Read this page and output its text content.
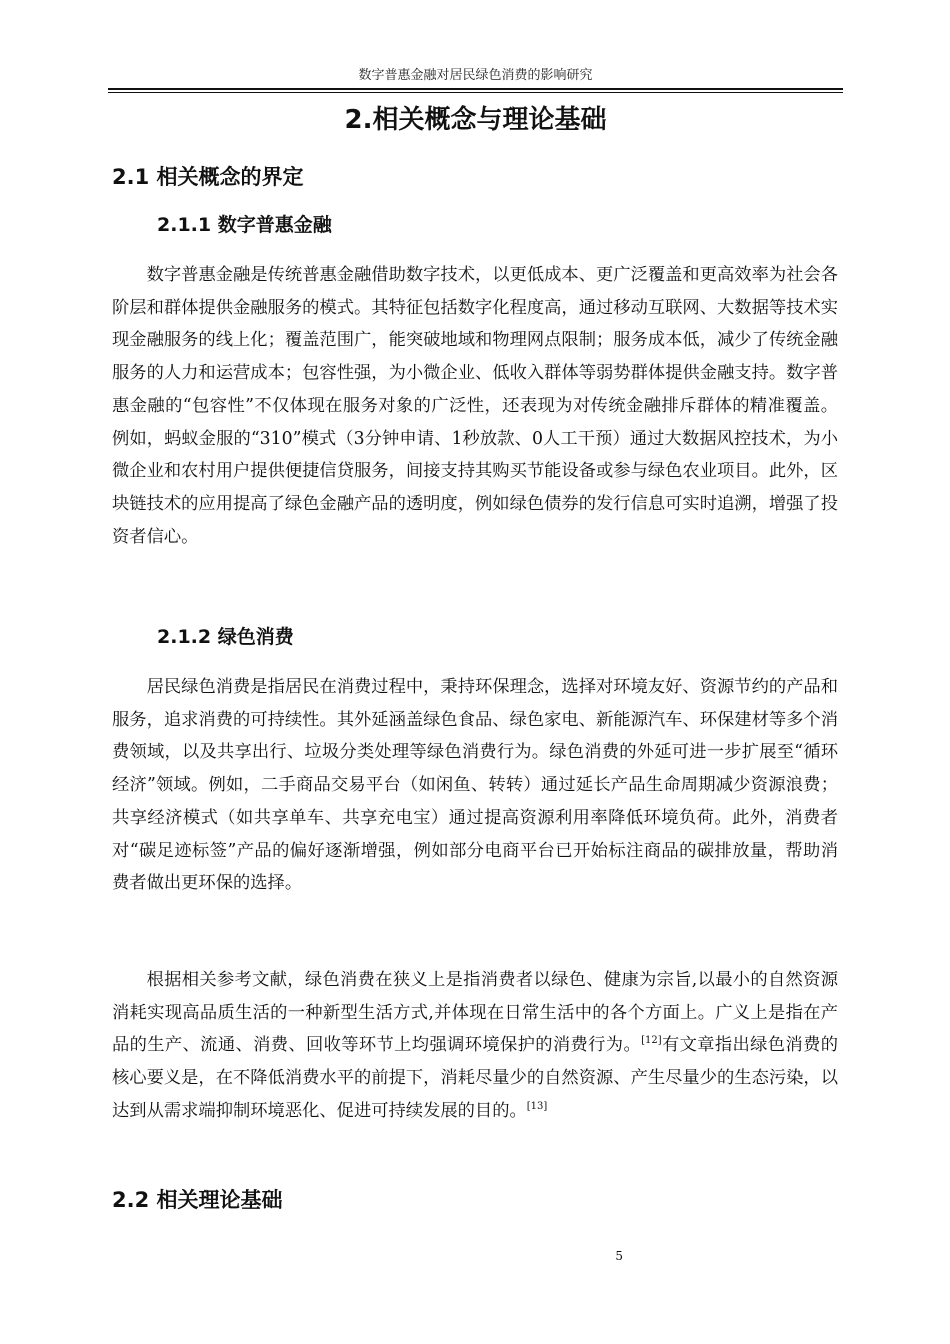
数字普惠金融对居民绿色消费的影响研究
2.相关概念与理论基础
2.1 相关概念的界定
2.1.1 数字普惠金融

数字普惠金融是传统普惠金融借助数字技术，以更低成本、更广泛覆盖和更高效率为社会各阶层和群体提供金融服务的模式。其特征包括数字化程度高，通过移动互联网、大数据等技术实现金融服务的线上化；覆盖范围广，能突破地域和物理网点限制；服务成本低，减少了传统金融服务的人力和运营成本；包容性强，为小微企业、低收入群体等弱势群体提供金融支持。数字普惠金融的“包容性”不仅体现在服务对象的广泛性，还表现为对传统金融排斥群体的精准覆盖。例如，蚂蚁金服的“310”模式（3分钟申请、1秒放款、0人工干预）通过大数据风控技术，为小微企业和农村用户提供便捷信贷服务，间接支持其购买节能设备或参与绿色农业项目。此外，区块链技术的应用提高了绿色金融产品的透明度，例如绿色债券的发行信息可实时追溯，增强了投资者信心。

2.1.2 绿色消费

居民绿色消费是指居民在消费过程中，秉持环保理念，选择对环境友好、资源节约的产品和服务，追求消费的可持续性。其外延涵盖绿色食品、绿色家电、新能源汽车、环保建材等多个消费领域，以及共享出行、垃圾分类处理等绿色消费行为。绿色消费的外延可进一步扩展至“循环经济”领域。例如，二手商品交易平台（如闲鱼、转转）通过延长产品生命周期减少资源浪费；共享经济模式（如共享单车、共享充电宝）通过提高资源利用率降低环境负荷。此外，消费者对“碳足迹标签”产品的偏好逐渐增强，例如部分电商平台已开始标注商品的碳排放量，帮助消费者做出更环保的选择。

根据相关参考文献，绿色消费在狭义上是指消费者以绿色、健康为宗旨,以最小的自然资源消耗实现高品质生活的一种新型生活方式,并体现在日常生活中的各个方面上。广义上是指在产品的生产、流通、消费、回收等环节上均强调环境保护的消费行为。[12]有文章指出绿色消费的核心要义是，在不降低消费水平的前提下，消耗尽量少的自然资源、产生尽量少的生态污染，以达到从需求端抑制环境恶化、促进可持续发展的目的。[13]

2.2 相关理论基础
5
